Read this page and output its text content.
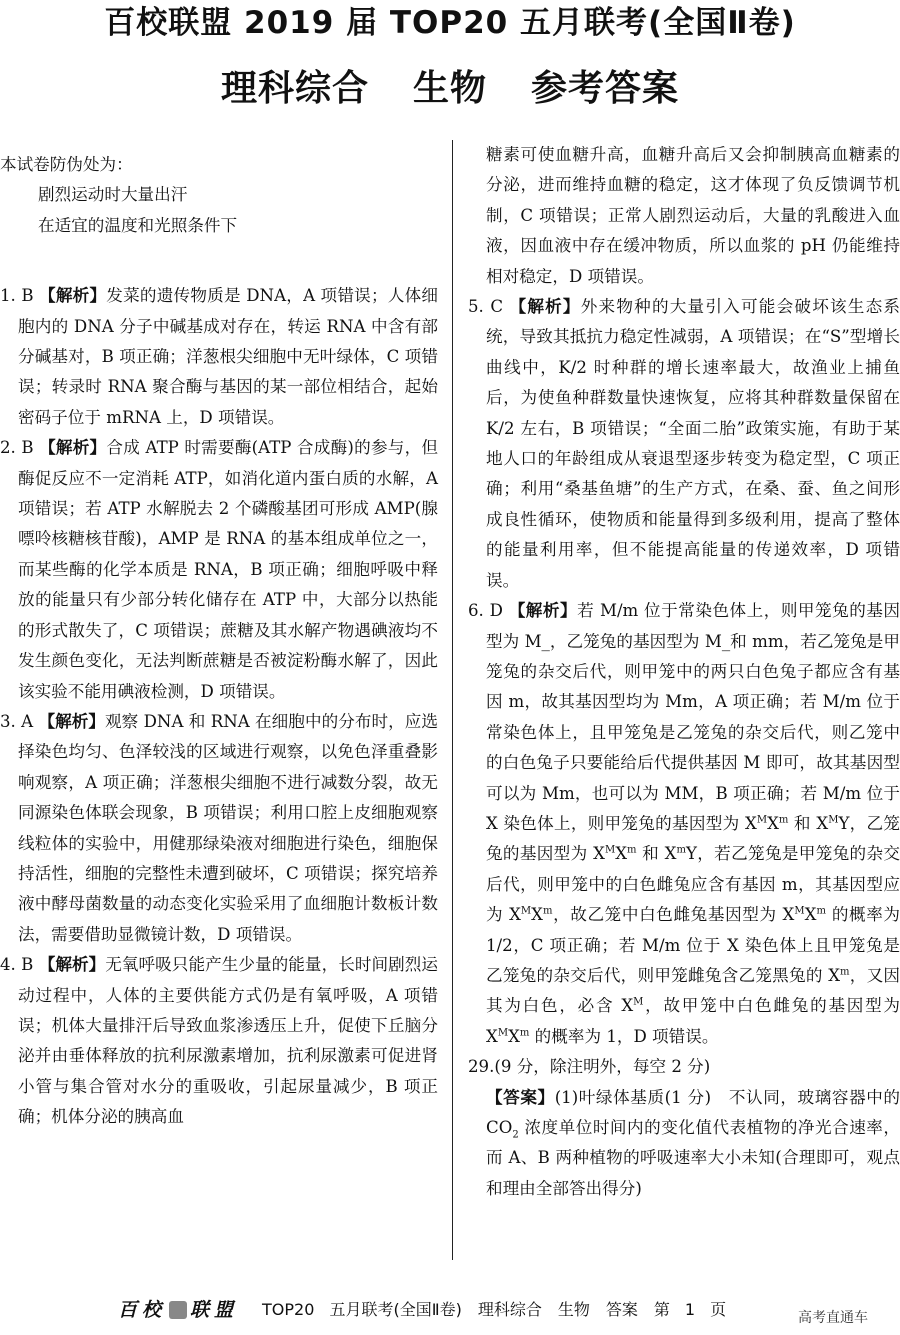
百校联盟 2019 届 TOP20 五月联考(全国Ⅱ卷)
理科综合 生物 参考答案

本试卷防伪处为：

剧烈运动时大量出汗

在适宜的温度和光照条件下

1. B 【解析】发菜的遗传物质是 DNA，A 项错误；人体细胞内的 DNA 分子中碱基成对存在，转运 RNA 中含有部分碱基对，B 项正确；洋葱根尖细胞中无叶绿体，C 项错误；转录时 RNA 聚合酶与基因的某一部位相结合，起始密码子位于 mRNA 上，D 项错误。

2. B 【解析】合成 ATP 时需要酶(ATP 合成酶)的参与，但酶促反应不一定消耗 ATP，如消化道内蛋白质的水解，A 项错误；若 ATP 水解脱去 2 个磷酸基团可形成 AMP(腺嘌呤核糖核苷酸)，AMP 是 RNA 的基本组成单位之一，而某些酶的化学本质是 RNA，B 项正确；细胞呼吸中释放的能量只有少部分转化储存在 ATP 中，大部分以热能的形式散失了，C 项错误；蔗糖及其水解产物遇碘液均不发生颜色变化，无法判断蔗糖是否被淀粉酶水解了，因此该实验不能用碘液检测，D 项错误。

3. A 【解析】观察 DNA 和 RNA 在细胞中的分布时，应选择染色均匀、色泽较浅的区域进行观察，以免色泽重叠影响观察，A 项正确；洋葱根尖细胞不进行减数分裂，故无同源染色体联会现象，B 项错误；利用口腔上皮细胞观察线粒体的实验中，用健那绿染液对细胞进行染色，细胞保持活性，细胞的完整性未遭到破坏，C 项错误；探究培养液中酵母菌数量的动态变化实验采用了血细胞计数板计数法，需要借助显微镜计数，D 项错误。

4. B 【解析】无氧呼吸只能产生少量的能量，长时间剧烈运动过程中，人体的主要供能方式仍是有氧呼吸，A 项错误；机体大量排汗后导致血浆渗透压上升，促使下丘脑分泌并由垂体释放的抗利尿激素增加，抗利尿激素可促进肾小管与集合管对水分的重吸收，引起尿量减少，B 项正确；机体分泌的胰高血

糖素可使血糖升高，血糖升高后又会抑制胰高血糖素的分泌，进而维持血糖的稳定，这才体现了负反馈调节机制，C 项错误；正常人剧烈运动后，大量的乳酸进入血液，因血液中存在缓冲物质，所以血浆的 pH 仍能维持相对稳定，D 项错误。

5. C 【解析】外来物种的大量引入可能会破坏该生态系统，导致其抵抗力稳定性减弱，A 项错误；在“S”型增长曲线中，K/2 时种群的增长速率最大，故渔业上捕鱼后，为使鱼种群数量快速恢复，应将其种群数量保留在 K/2 左右，B 项错误；“全面二胎”政策实施，有助于某地人口的年龄组成从衰退型逐步转变为稳定型，C 项正确；利用“桑基鱼塘”的生产方式，在桑、蚕、鱼之间形成良性循环，使物质和能量得到多级利用，提高了整体的能量利用率，但不能提高能量的传递效率，D 项错误。

6. D 【解析】若 M/m 位于常染色体上，则甲笼兔的基因型为 M_，乙笼兔的基因型为 M_和 mm，若乙笼兔是甲笼兔的杂交后代，则甲笼中的两只白色兔子都应含有基因 m，故其基因型均为 Mm，A 项正确；若 M/m 位于常染色体上，且甲笼兔是乙笼兔的杂交后代，则乙笼中的白色兔子只要能给后代提供基因 M 即可，故其基因型可以为 Mm，也可以为 MM，B 项正确；若 M/m 位于 X 染色体上，则甲笼兔的基因型为 $X^MX^m$ 和 $X^MY$，乙笼兔的基因型为 $X^MX^m$ 和 $X^mY$，若乙笼兔是甲笼兔的杂交后代，则甲笼中的白色雌兔应含有基因 m，其基因型应为 $X^MX^m$，故乙笼中白色雌兔基因型为 $X^MX^m$ 的概率为 1/2，C 项正确；若 M/m 位于 X 染色体上且甲笼兔是乙笼兔的杂交后代，则甲笼雌兔含乙笼黑兔的 $X^m$，又因其为白色，必含 $X^M$，故甲笼中白色雌兔的基因型为 $X^MX^m$ 的概率为 1，D 项错误。

29.(9 分，除注明外，每空 2 分)

【答案】(1)叶绿体基质(1 分)　不认同，玻璃容器中的 $CO_2$ 浓度单位时间内的变化值代表植物的净光合速率，而 A、B 两种植物的呼吸速率大小未知(合理即可，观点和理由全部答出得分)

百校 联盟 TOP20 五月联考(全国Ⅱ卷)　理科综合　生物　答案　第 1 页	高考直通车
